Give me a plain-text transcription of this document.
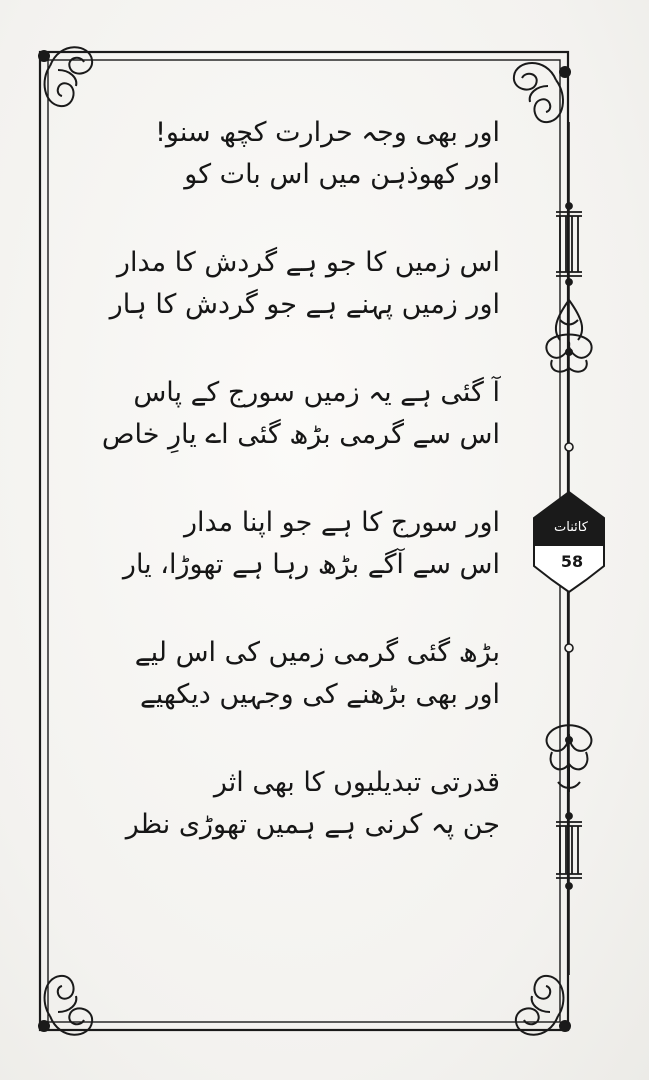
کائنات
58
اور بھی وجہ حرارت کچھ سنو!
اور کھوذہن میں اس بات کو
اس زمیں کا جو ہے گردش کا مدار
اور زمیں پہنے ہے جو گردش کا ہار
آ گئی ہے یہ زمیں سورج کے پاس
اس سے گرمی بڑھ گئی اے یارِ خاص
اور سورج کا ہے جو اپنا مدار
اس سے آگے بڑھ رہا ہے تھوڑا، یار
بڑھ گئی گرمی زمیں کی اس لیے
اور بھی بڑھنے کی وجہیں دیکھیے
قدرتی تبدیلیوں کا بھی اثر
جن پہ کرنی ہے ہمیں تھوڑی نظر
